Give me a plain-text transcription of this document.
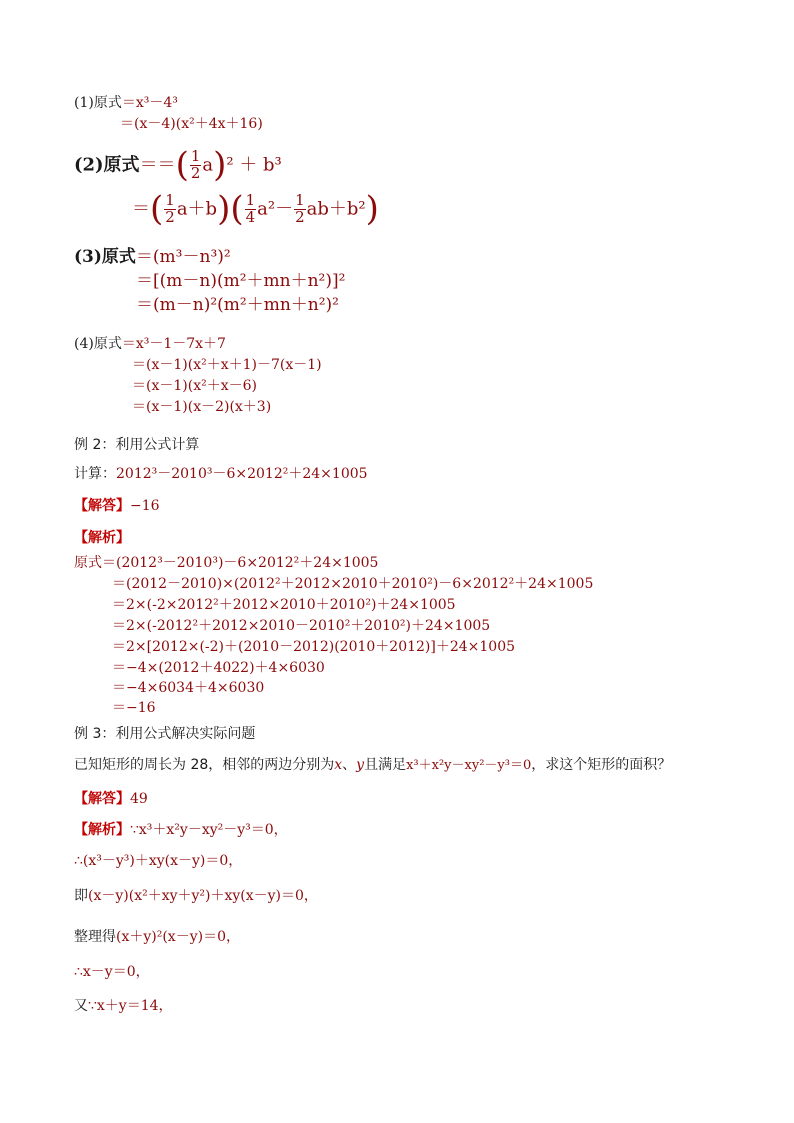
(1)原式＝x³－4³
＝(x－4)(x²＋4x＋16)
(2)原式＝＝( $\frac{1}{2} a)^2 + b^3$
＝( $\frac{1}{2} a+b)( \frac{1}{4} a^2- \frac{1}{2} ab+b^2)$
(3)原式＝(m³－n³)²
＝[(m－n)(m²＋mn＋n²)]²
＝(m－n)²(m²＋mn＋n²)²
(4)原式＝x³－1－7x＋7
＝(x－1)(x²＋x＋1)－7(x－1)
＝(x－1)(x²＋x－6)
＝(x－1)(x－2)(x＋3)
例 2：利用公式计算
计算：2012³－2010³－6×2012²＋24×1005
【解答】−16
【解析】
原式＝(2012³－2010³)－6×2012²＋24×1005
＝(2012－2010)×(2012²＋2012×2010＋2010²)－6×2012²＋24×1005
＝2×(-2×2012²＋2012×2010＋2010²)＋24×1005
＝2×(-2012²＋2012×2010－2010²＋2010²)＋24×1005
＝2×[2012×(-2)＋(2010－2012)(2010＋2012)]＋24×1005
＝−4×(2012＋4022)＋4×6030
＝−4×6034＋4×6030
＝−16
例 3：利用公式解决实际问题
已知矩形的周长为 28，相邻的两边分别为x、y且满足x³＋x²y－xy²－y³＝0，求这个矩形的面积？
【解答】49
【解析】∵x³＋x²y－xy²－y³＝0，
∴(x³－y³)＋xy(x－y)＝0，
即(x－y)(x²＋xy＋y²)＋xy(x－y)＝0，
整理得(x＋y)²(x－y)＝0，
∴x－y＝0，
又∵x＋y＝14，
